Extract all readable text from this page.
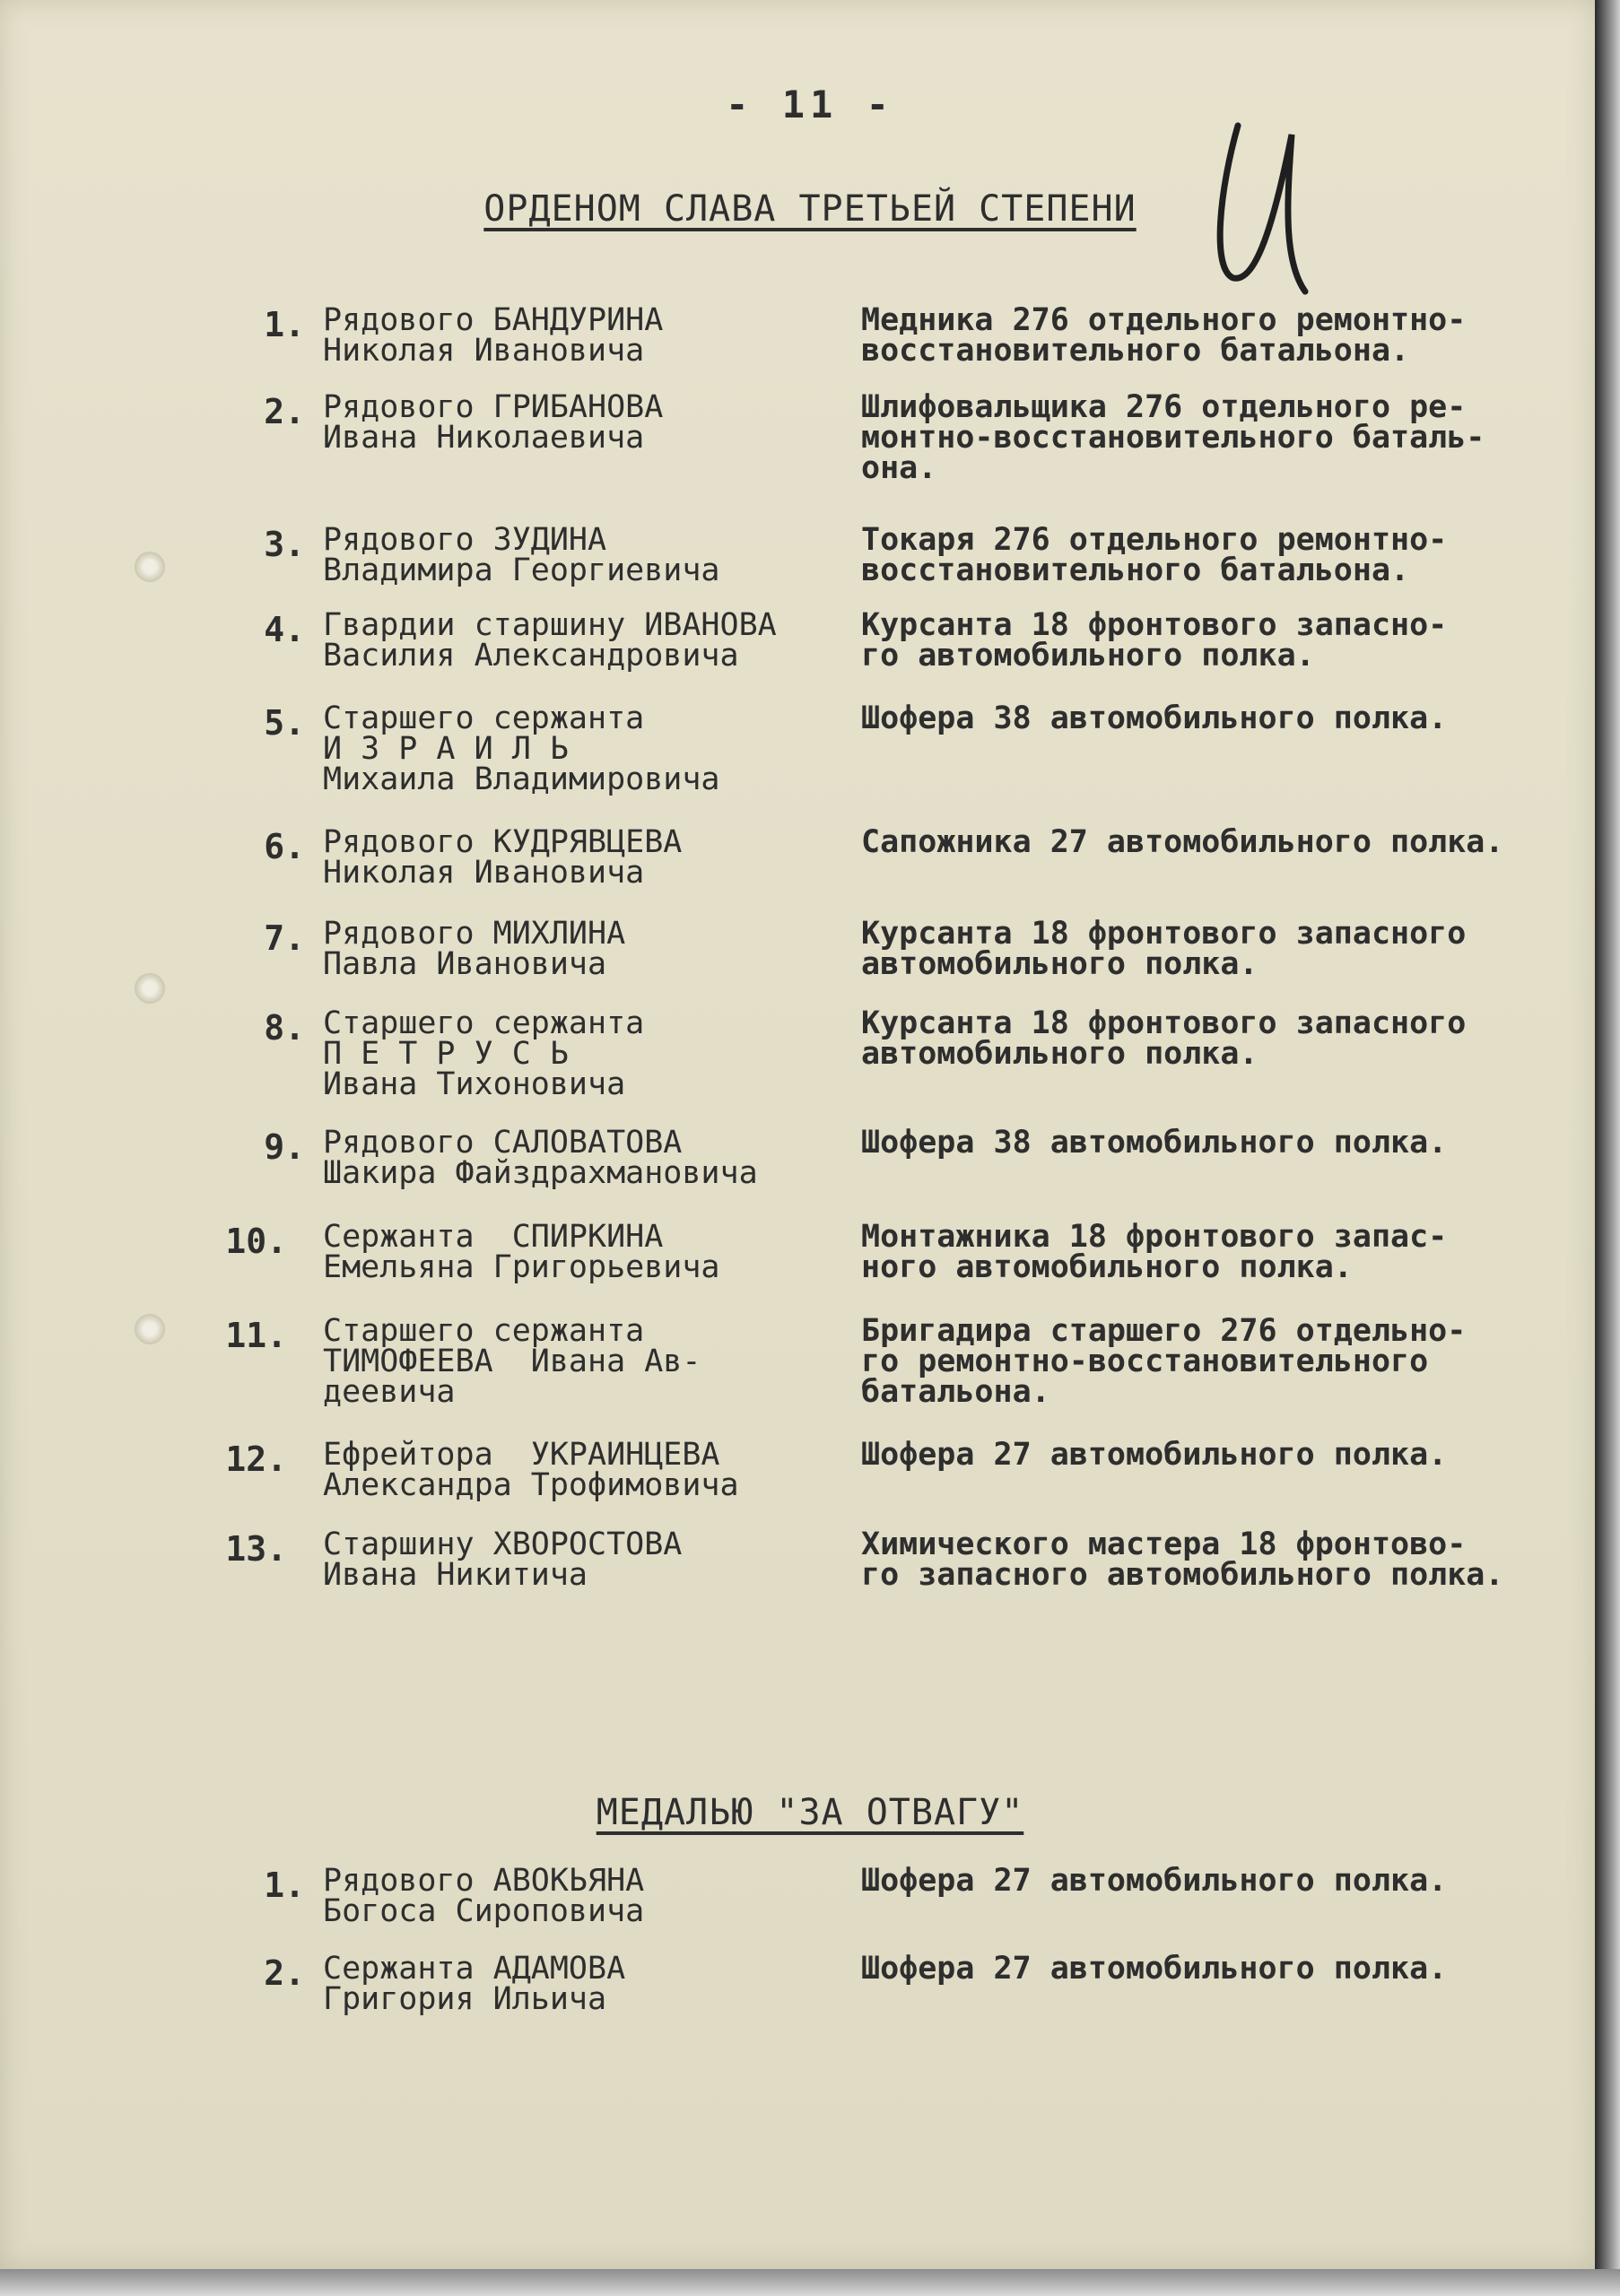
- 11 -
ОРДЕНОМ СЛАВА ТРЕТЬЕЙ СТЕПЕНИ
1. Рядового БАНДУРИНА
Николая Ивановича
Медника 276 отдельного ремонтно-
восстановительного батальона.
2. Рядового ГРИБАНОВА
Ивана Николаевича
Шлифовальщика 276 отдельного ре-
монтно-восстановительного баталь-
она.
3. Рядового ЗУДИНА
Владимира Георгиевича
Токаря 276 отдельного ремонтно-
восстановительного батальона.
4. Гвардии старшину ИВАНОВА
Василия Александровича
Курсанта 18 фронтового запасно-
го автомобильного полка.
5. Старшего сержанта
И З Р А И Л Ь
Михаила Владимировича
Шофера 38 автомобильного полка.
6. Рядового КУДРЯВЦЕВА
Николая Ивановича
Сапожника 27 автомобильного полка.
7. Рядового МИХЛИНА
Павла Ивановича
Курсанта 18 фронтового запасного
автомобильного полка.
8. Старшего сержанта
П Е Т Р У С Ь
Ивана Тихоновича
Курсанта 18 фронтового запасного
автомобильного полка.
9. Рядового САЛОВАТОВА
Шакира Файздрахмановича
Шофера 38 автомобильного полка.
10. Сержанта  СПИРКИНА
Емельяна Григорьевича
Монтажника 18 фронтового запас-
ного автомобильного полка.
11. Старшего сержанта
ТИМОФЕЕВА  Ивана Ав-
деевича
Бригадира старшего 276 отдельно-
го ремонтно-восстановительного
батальона.
12. Ефрейтора  УКРАИНЦЕВА
Александра Трофимовича
Шофера 27 автомобильного полка.
13. Старшину ХВОРОСТОВА
Ивана Никитича
Химического мастера 18 фронтово-
го запасного автомобильного полка.
МЕДАЛЬЮ "ЗА ОТВАГУ"
1. Рядового АВОКЬЯНА
Богоса Сироповича
Шофера 27 автомобильного полка.
2. Сержанта АДАМОВА
Григория Ильича
Шофера 27 автомобильного полка.
